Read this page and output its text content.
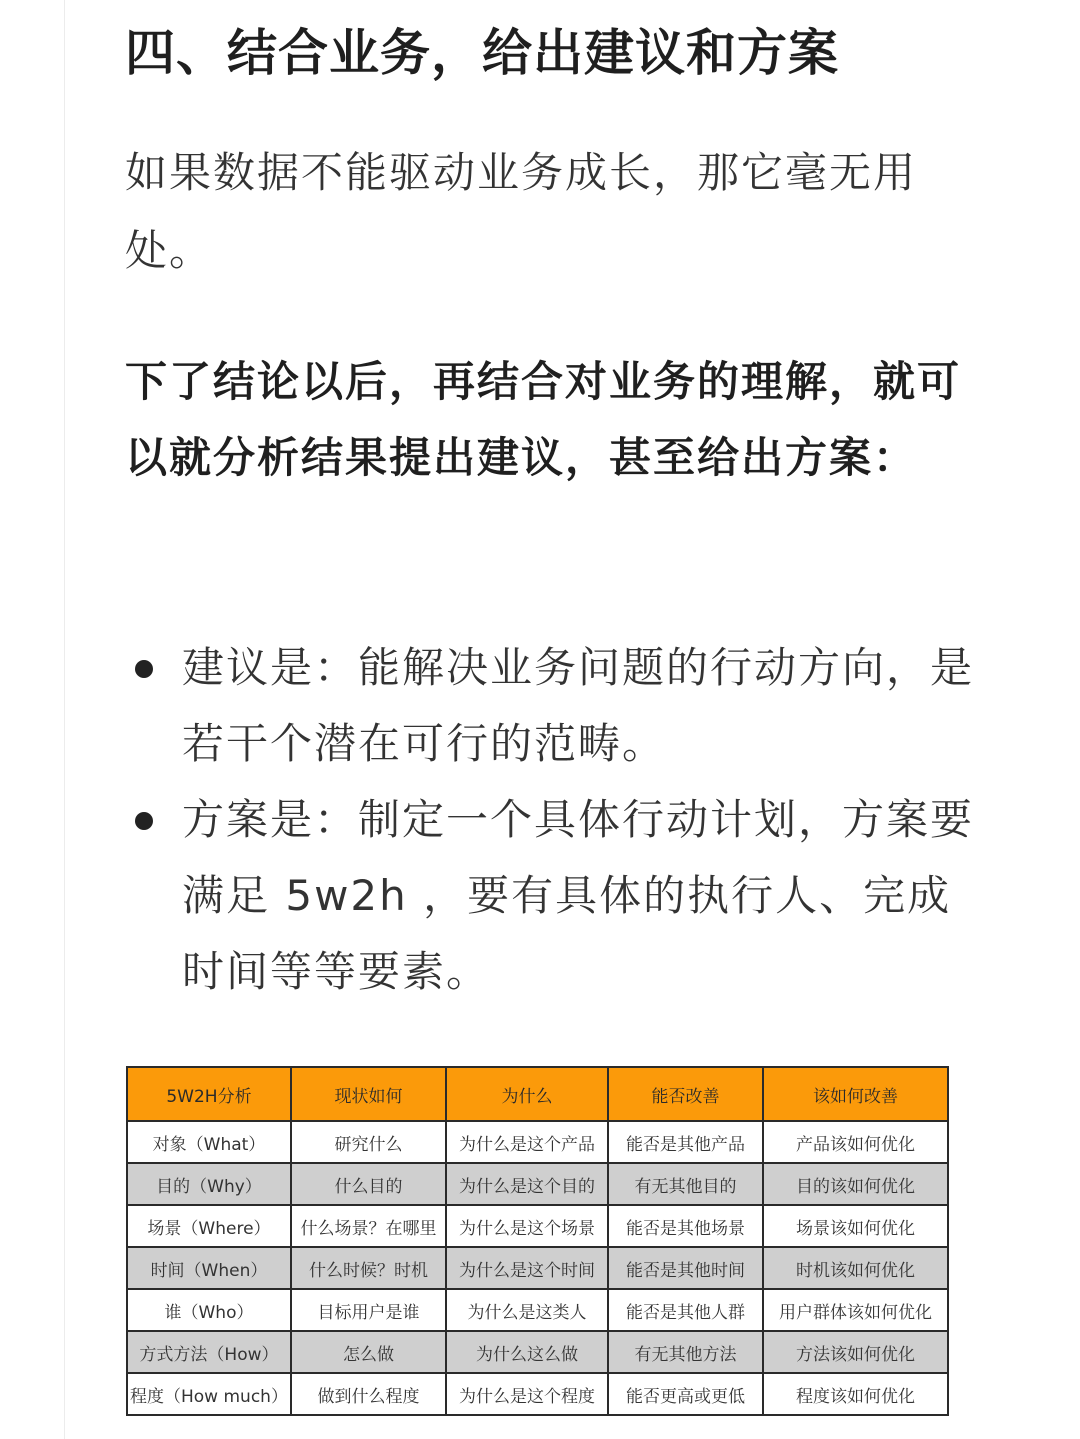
四、结合业务，给出建议和方案

如果数据不能驱动业务成长，那它毫无用处。

下了结论以后，再结合对业务的理解，就可以就分析结果提出建议，甚至给出方案：

建议是：能解决业务问题的行动方向，是若干个潜在可行的范畴。
方案是：制定一个具体行动计划，方案要满足 5w2h ，要有具体的执行人、完成时间等等要素。
5W2H分析	现状如何	为什么	能否改善	该如何改善
对象（What）	研究什么	为什么是这个产品	能否是其他产品	产品该如何优化
目的（Why）	什么目的	为什么是这个目的	有无其他目的	目的该如何优化
场景（Where）	什么场景？在哪里	为什么是这个场景	能否是其他场景	场景该如何优化
时间（When）	什么时候？时机	为什么是这个时间	能否是其他时间	时机该如何优化
谁（Who）	目标用户是谁	为什么是这类人	能否是其他人群	用户群体该如何优化
方式方法（How）	怎么做	为什么这么做	有无其他方法	方法该如何优化
程度（How much）	做到什么程度	为什么是这个程度	能否更高或更低	程度该如何优化
